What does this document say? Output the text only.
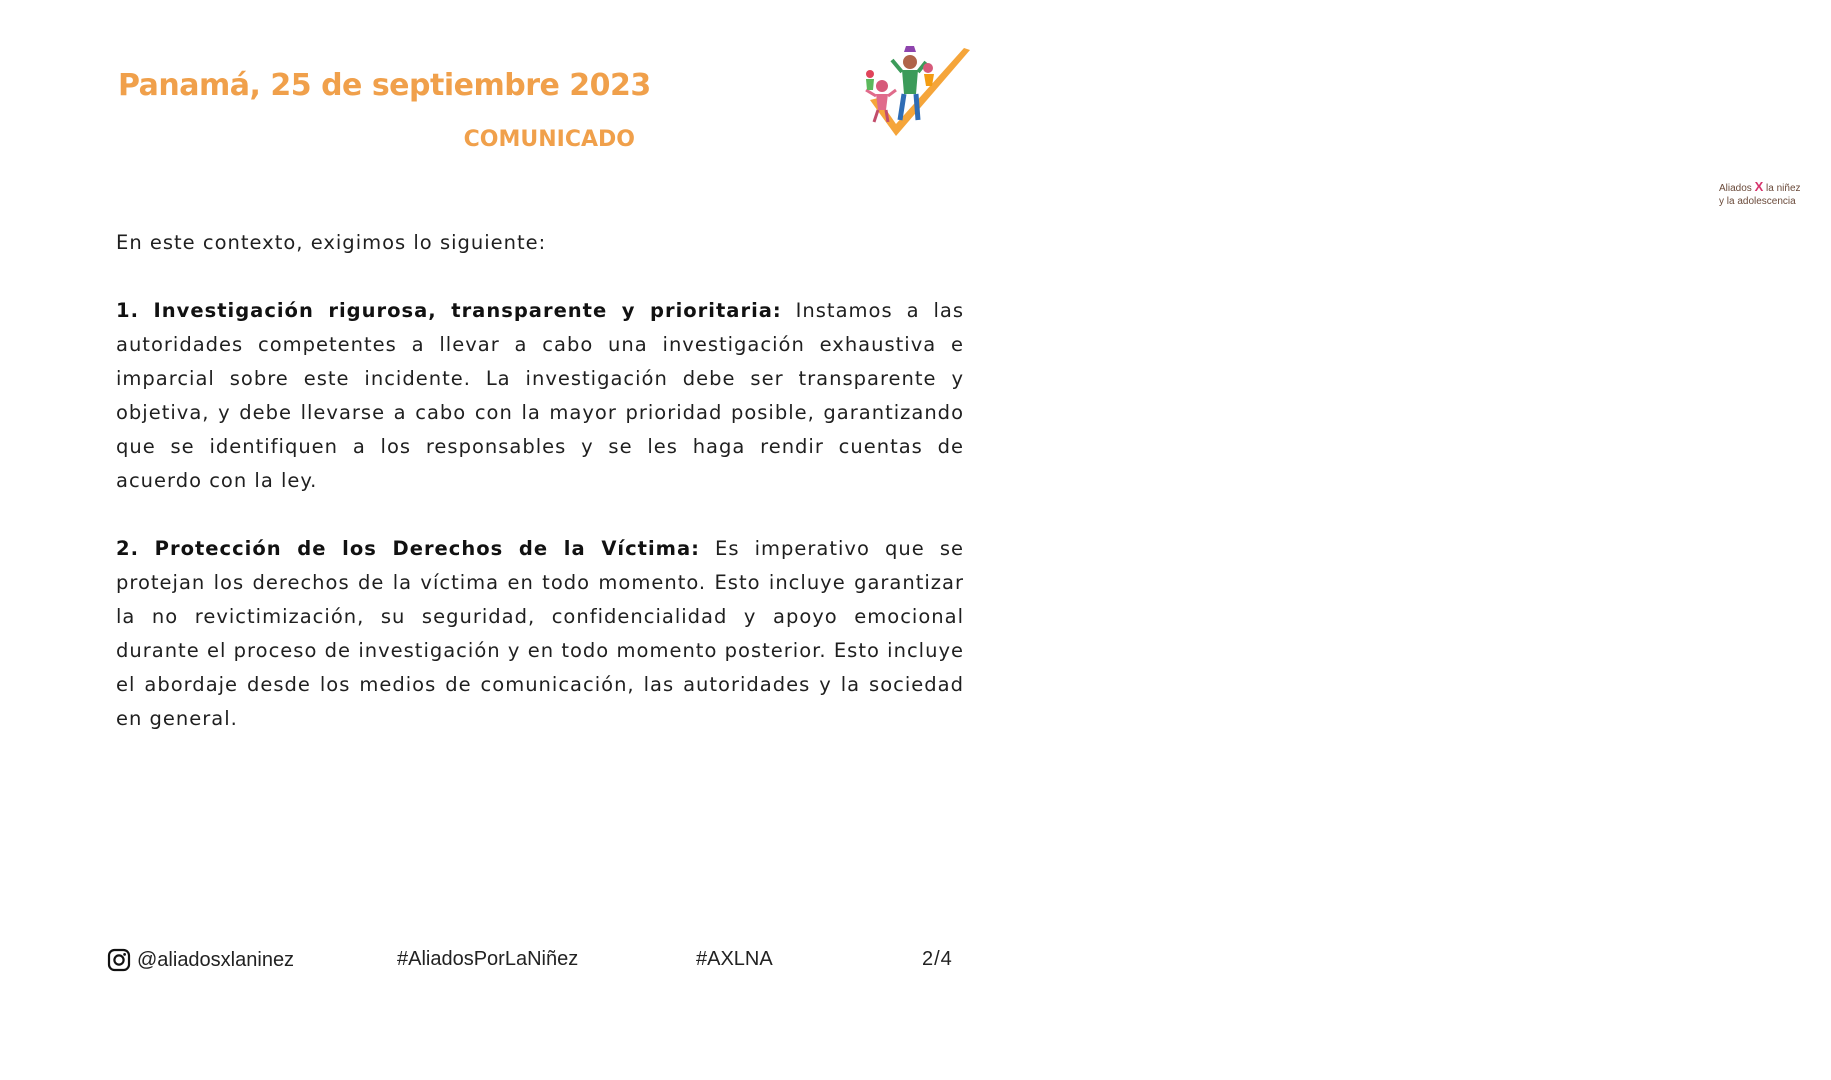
Panamá, 25 de septiembre 2023
COMUNICADO
Aliados X la niñez
y la adolescencia

En este contexto, exigimos lo siguiente:

1. Investigación rigurosa, transparente y prioritaria: Instamos a las autoridades competentes a llevar a cabo una investigación exhaustiva e imparcial sobre este incidente. La investigación debe ser transparente y objetiva, y debe llevarse a cabo con la mayor prioridad posible, garantizando que se identifiquen a los responsables y se les haga rendir cuentas de acuerdo con la ley.

2. Protección de los Derechos de la Víctima: Es imperativo que se protejan los derechos de la víctima en todo momento. Esto incluye garantizar la no revictimización, su seguridad, confidencialidad y apoyo emocional durante el proceso de investigación y en todo momento posterior. Esto incluye el abordaje desde los medios de comunicación, las autoridades y la sociedad en general.

@aliadosxlaninez	#AliadosPorLaNiñez	#AXLNA	2/4
